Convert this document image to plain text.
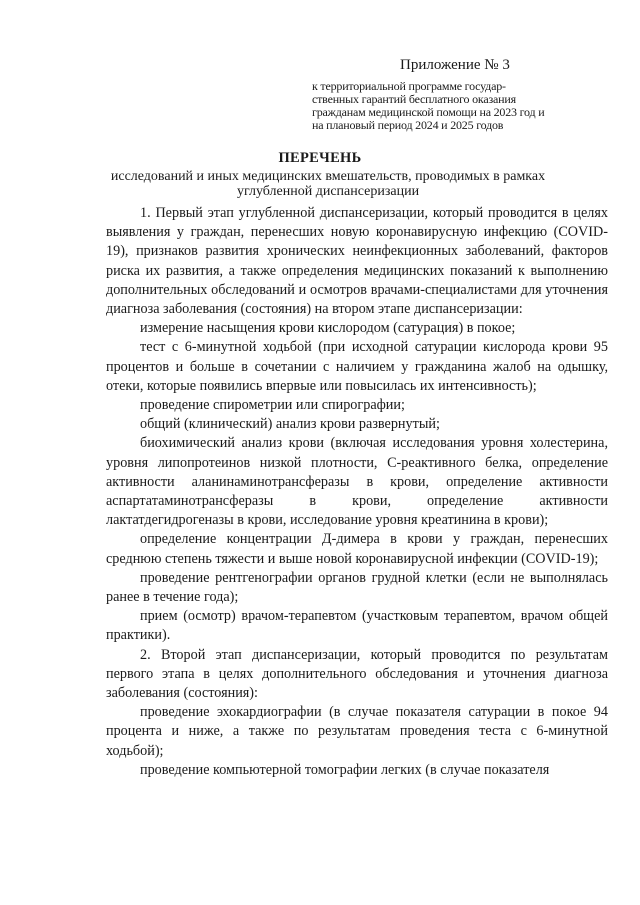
Приложение № 3
к территориальной программе государ-
ственных гарантий бесплатного оказания
гражданам медицинской помощи на 2023 год и
на плановый период 2024 и 2025 годов
ПЕРЕЧЕНЬ
исследований и иных медицинских вмешательств, проводимых в рамках углубленной диспансеризации

1. Первый этап углубленной диспансеризации, который проводится в целях выявления у граждан, перенесших новую коронавирусную инфекцию (COVID-19), признаков развития хронических неинфекционных заболеваний, факторов риска их развития, а также определения медицинских показаний к выполнению дополнительных обследований и осмотров врачами-специалистами для уточнения диагноза заболевания (состояния) на втором этапе диспансеризации:

измерение насыщения крови кислородом (сатурация) в покое;

тест с 6-минутной ходьбой (при исходной сатурации кислорода крови 95 процентов и больше в сочетании с наличием у гражданина жалоб на одышку, отеки, которые появились впервые или повысилась их интенсивность);

проведение спирометрии или спирографии;

общий (клинический) анализ крови развернутый;

биохимический анализ крови (включая исследования уровня холестерина, уровня липопротеинов низкой плотности, С-реактивного белка, определение активности аланинаминотрансферазы в крови, определение активности аспартатаминотрансферазы в крови, определение активности лактатдегидрогеназы в крови, исследование уровня креатинина в крови);

определение концентрации Д-димера в крови у граждан, перенесших среднюю степень тяжести и выше новой коронавирусной инфекции (COVID-19);

проведение рентгенографии органов грудной клетки (если не выполнялась ранее в течение года);

прием (осмотр) врачом-терапевтом (участковым терапевтом, врачом общей практики).

2. Второй этап диспансеризации, который проводится по результатам первого этапа в целях дополнительного обследования и уточнения диагноза заболевания (состояния):

проведение эхокардиографии (в случае показателя сатурации в покое 94 процента и ниже, а также по результатам проведения теста с 6-минутной ходьбой);

проведение компьютерной томографии легких (в случае показателя
